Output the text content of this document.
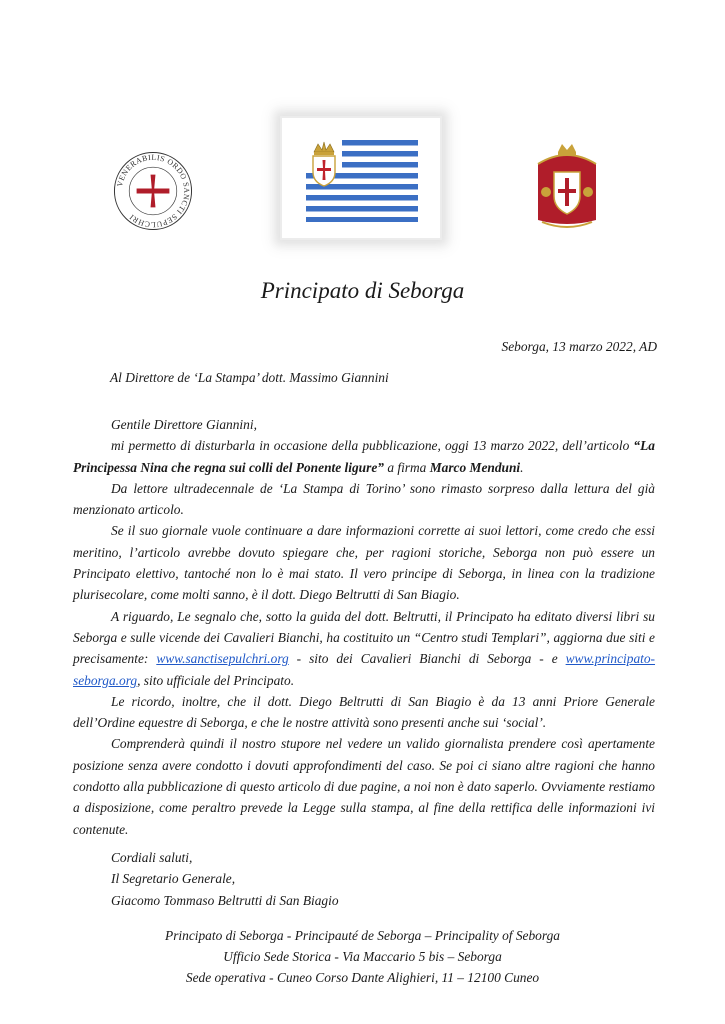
VENERABILIS ORDO SANCTI SEPULCHRI
Principato di Seborga
Seborga, 13 marzo 2022, AD
Al Direttore de ‘La Stampa’ dott. Massimo Giannini
Gentile Direttore Giannini,

mi permetto di disturbarla in occasione della pubblicazione, oggi 13 marzo 2022, dell’articolo “La Principessa Nina che regna sui colli del Ponente ligure” a firma Marco Menduni.

Da lettore ultradecennale de ‘La Stampa di Torino’ sono rimasto sorpreso dalla lettura del già menzionato articolo.

Se il suo giornale vuole continuare a dare informazioni corrette ai suoi lettori, come credo che essi meritino, l’articolo avrebbe dovuto spiegare che, per ragioni storiche, Seborga non può essere un Principato elettivo, tantoché non lo è mai stato. Il vero principe di Seborga, in linea con la tradizione plurisecolare, come molti sanno, è il dott. Diego Beltrutti di San Biagio.

A riguardo, Le segnalo che, sotto la guida del dott. Beltrutti, il Principato ha editato diversi libri su Seborga e sulle vicende dei Cavalieri Bianchi, ha costituito un “Centro studi Templari”, aggiorna due siti e precisamente: www.sanctisepulchri.org - sito dei Cavalieri Bianchi di Seborga - e www.principato-seborga.org, sito ufficiale del Principato.

Le ricordo, inoltre, che il dott. Diego Beltrutti di San Biagio è da 13 anni Priore Generale dell’Ordine equestre di Seborga, e che le nostre attività sono presenti anche sui ‘social’.

Comprenderà quindi il nostro stupore nel vedere un valido giornalista prendere così apertamente posizione senza avere condotto i dovuti approfondimenti del caso. Se poi ci siano altre ragioni che hanno condotto alla pubblicazione di questo articolo di due pagine, a noi non è dato saperlo. Ovviamente restiamo a disposizione, come peraltro prevede la Legge sulla stampa, al fine della rettifica delle informazioni ivi contenute.

Cordiali saluti,
Il Segretario Generale,
Giacomo Tommaso Beltrutti di San Biagio
Principato di Seborga - Principauté de Seborga – Principality of Seborga
Ufficio Sede Storica - Via Maccario 5 bis – Seborga
Sede operativa - Cuneo Corso Dante Alighieri, 11 – 12100 Cuneo
